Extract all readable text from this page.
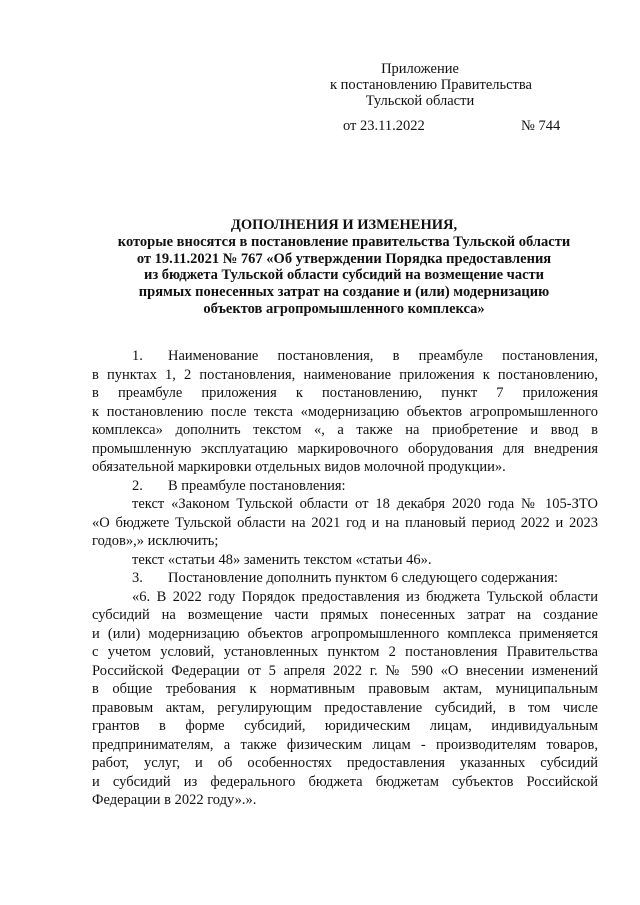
Приложение
к постановлению Правительства
Тульской области
от 23.11.2022	№ 744
ДОПОЛНЕНИЯ И ИЗМЕНЕНИЯ,
которые вносятся в постановление правительства Тульской области
от 19.11.2021 № 767 «Об утверждении Порядка предоставления
из бюджета Тульской области субсидий на возмещение части
прямых понесенных затрат на создание и (или) модернизацию
объектов агропромышленного комплекса»
1.	Наименование постановления, в преамбуле постановления,
в пунктах 1, 2 постановления, наименование приложения к постановлению,
в преамбуле приложения к постановлению, пункт 7 приложения
к постановлению после текста «модернизацию объектов агропромышленного
комплекса» дополнить текстом «, а также на приобретение и ввод в
промышленную эксплуатацию маркировочного оборудования для внедрения
обязательной маркировки отдельных видов молочной продукции».
2.	В преамбуле постановления:
текст «Законом Тульской области от 18 декабря 2020 года № 105-ЗТО
«О бюджете Тульской области на 2021 год и на плановый период 2022 и 2023
годов»,» исключить;
текст «статьи 48» заменить текстом «статьи 46».
3.	Постановление дополнить пунктом 6 следующего содержания:
«6. В 2022 году Порядок предоставления из бюджета Тульской области
субсидий на возмещение части прямых понесенных затрат на создание
и (или) модернизацию объектов агропромышленного комплекса применяется
с учетом условий, установленных пунктом 2 постановления Правительства
Российской Федерации от 5 апреля 2022 г. № 590 «О внесении изменений
в общие требования к нормативным правовым актам, муниципальным
правовым актам, регулирующим предоставление субсидий, в том числе
грантов в форме субсидий, юридическим лицам, индивидуальным
предпринимателям, а также физическим лицам - производителям товаров,
работ, услуг, и об особенностях предоставления указанных субсидий
и субсидий из федерального бюджета бюджетам субъектов Российской
Федерации в 2022 году».».
